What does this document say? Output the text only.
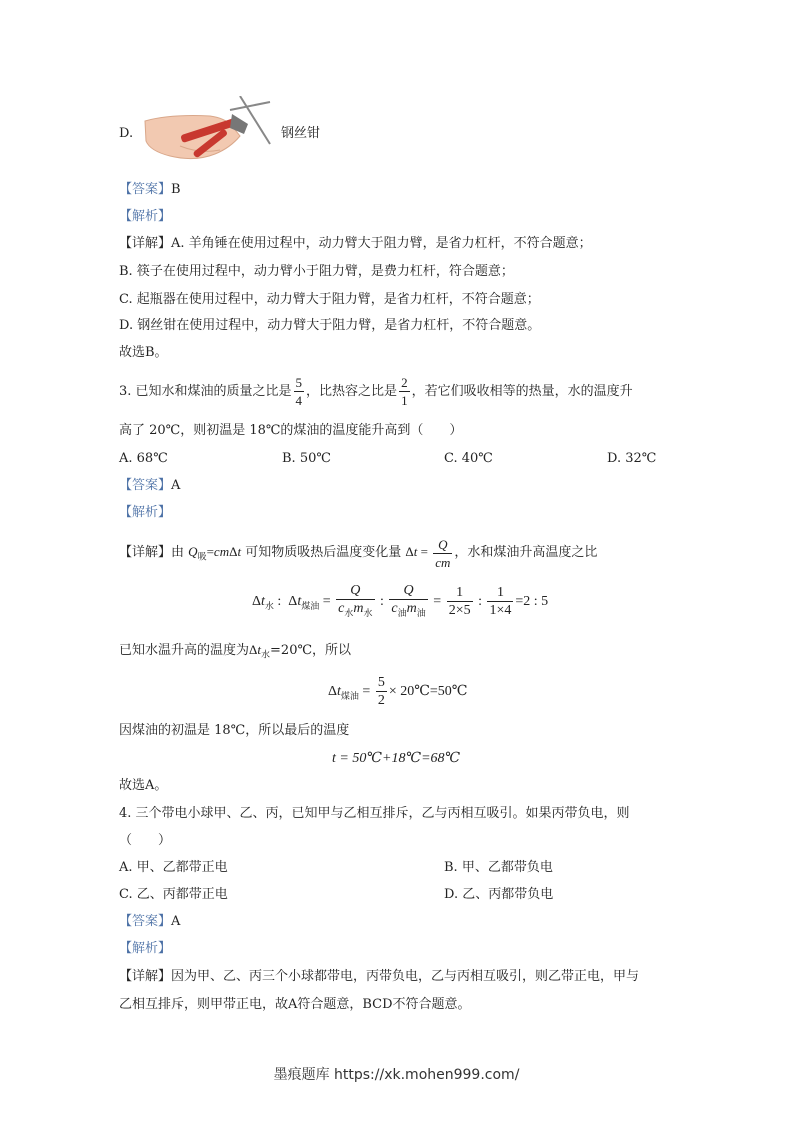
D.	钢丝钳
【答案】B
【解析】
【详解】A. 羊角锤在使用过程中，动力臂大于阻力臂，是省力杠杆，不符合题意；
B. 筷子在使用过程中，动力臂小于阻力臂，是费力杠杆，符合题意；
C. 起瓶器在使用过程中，动力臂大于阻力臂，是省力杠杆，不符合题意；
D. 钢丝钳在使用过程中，动力臂大于阻力臂，是省力杠杆，不符合题意。
故选B。
3. 已知水和煤油的质量之比是 $\frac{5}{4}$ ，比热容之比是 $\frac{2}{1}$ ，若它们吸收相等的热量，水的温度升
高了 20℃，则初温是 18℃的煤油的温度能升高到（　　）
A. 68℃	B. 50℃	C. 40℃	D. 32℃
【答案】A
【解析】
【详解】由 $Q_吸=cm\Delta t$ 可知物质吸热后温度变化量 $\Delta t = \frac{Q}{cm}$ ，水和煤油升高温度之比
$\Delta t_水$ :  $\Delta t_{煤油} = \frac{Q}{c_水m_水}$ : $\frac{Q}{c_油m_油} = \frac{1}{2\times 5}$ : $\frac{1}{1\times 4} =2$ : 5
已知水温升高的温度为$\Delta t_水=20℃$，所以
$\Delta t_{煤油} = \frac{5}{2}$ × 20℃=50℃
因煤油的初温是 18℃，所以最后的温度
t = 50℃+18℃=68℃
故选A。
4. 三个带电小球甲、乙、丙，已知甲与乙相互排斥，乙与丙相互吸引。如果丙带负电，则
（　　）
A. 甲、乙都带正电	B. 甲、乙都带负电
C. 乙、丙都带正电	D. 乙、丙都带负电
【答案】A
【解析】
【详解】因为甲、乙、丙三个小球都带电，丙带负电，乙与丙相互吸引，则乙带正电，甲与
乙相互排斥，则甲带正电，故A符合题意，BCD不符合题意。
墨痕题库 https://xk.mohen999.com/
